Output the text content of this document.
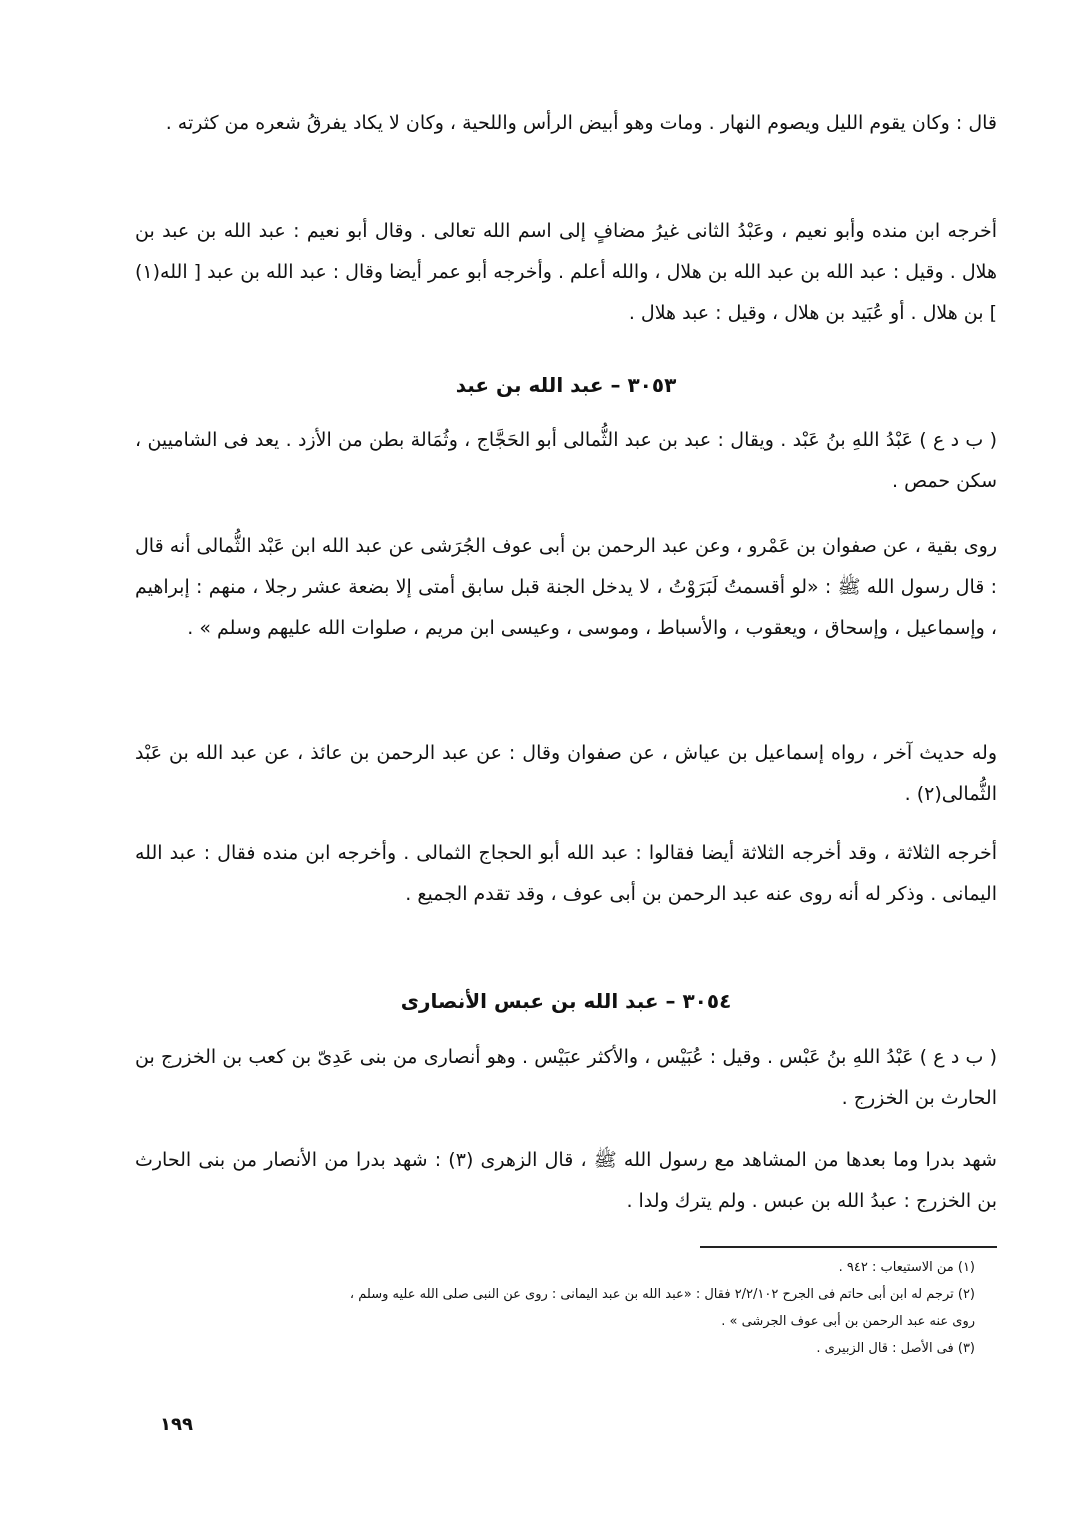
قال : وكان يقوم الليل ويصوم النهار . ومات وهو أبيض الرأس واللحية ، وكان لا يكاد يفرقُ شعره من كثرته .
أخرجه ابن منده وأبو نعيم ، وعَبْدُ الثانى غيرُ مضافٍ إلى اسم الله تعالى . وقال أبو نعيم : عبد الله بن عبد بن هلال . وقيل : عبد الله بن عبد الله بن هلال ، والله أعلم . وأخرجه أبو عمر أيضا وقال : عبد الله بن عبد [ الله(١) ] بن هلال . أو عُبَيد بن هلال ، وقيل : عبد هلال .
٣٠٥٣ – عبد الله بن عبد
( ب د ع ) عَبْدُ اللهِ بنُ عَبْد . ويقال : عبد بن عبد الثُّمالى أبو الحَجَّاج ، وثُمَالة بطن من الأزد . يعد فى الشاميين ، سكن حمص .
روى بقية ، عن صفوان بن عَمْرو ، وعن عبد الرحمن بن أبى عوف الجُرَشى عن عبد الله ابن عَبْد الثُّمالى أنه قال : قال رسول الله ﷺ : «لو أقسمتُ لَبَرَوْتُ ، لا يدخل الجنة قبل سابق أمتى إلا بضعة عشر رجلا ، منهم : إبراهيم ، وإسماعيل ، وإسحاق ، ويعقوب ، والأسباط ، وموسى ، وعيسى ابن مريم ، صلوات الله عليهم وسلم » .
وله حديث آخر ، رواه إسماعيل بن عياش ، عن صفوان وقال : عن عبد الرحمن بن عائذ ، عن عبد الله بن عَبْد الثُّمالى(٢) .
أخرجه الثلاثة ، وقد أخرجه الثلاثة أيضا فقالوا : عبد الله أبو الحجاج الثمالى . وأخرجه ابن منده فقال : عبد الله اليمانى . وذكر له أنه روى عنه عبد الرحمن بن أبى عوف ، وقد تقدم الجميع .
٣٠٥٤ – عبد الله بن عبس الأنصارى
( ب د ع ) عَبْدُ اللهِ بنُ عَبْس . وقيل : عُبَيْس ، والأكثر عبَيْس . وهو أنصارى من بنى عَدِىّ بن كعب بن الخزرج بن الحارث بن الخزرج .
شهد بدرا وما بعدها من المشاهد مع رسول الله ﷺ ، قال الزهرى (٣) : شهد بدرا من الأنصار من بنى الحارث بن الخزرج : عبدُ الله بن عبس . ولم يترك ولدا .
(١) من الاستيعاب : ٩٤٢ .
(٢) ترجم له ابن أبى حاتم فى الجرح ٢/٢/١٠٢ فقال : «عبد الله بن عبد اليمانى : روى عن النبى صلى الله عليه وسلم ،
روى عنه عبد الرحمن بن أبى عوف الجرشى » .
(٣) فى الأصل : قال الزبيرى .
١٩٩
